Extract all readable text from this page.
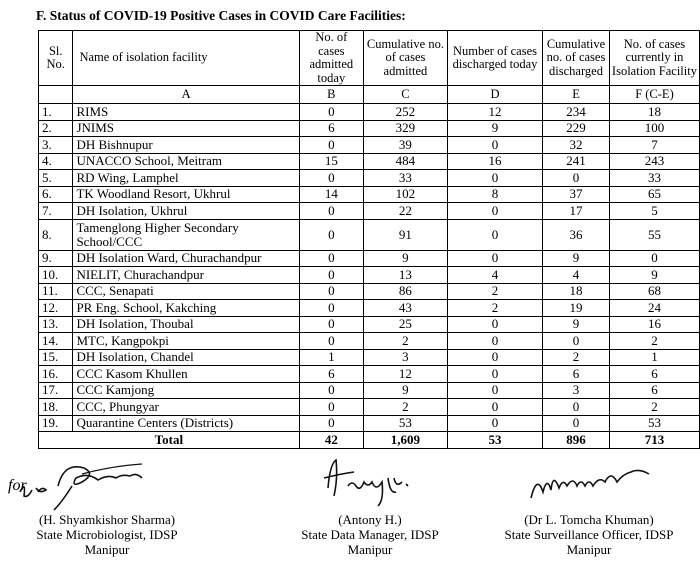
F. Status of COVID-19 Positive Cases in COVID Care Facilities:
Sl. No.	Name of isolation facility	No. of cases admitted today	Cumulative no. of cases admitted	Number of cases discharged today	Cumulative no. of cases discharged	No. of cases currently in Isolation Facility
	A	B	C	D	E	F (C-E)
1.	RIMS	0	252	12	234	18
2.	JNIMS	6	329	9	229	100
3.	DH Bishnupur	0	39	0	32	7
4.	UNACCO School, Meitram	15	484	16	241	243
5.	RD Wing, Lamphel	0	33	0	0	33
6.	TK Woodland Resort, Ukhrul	14	102	8	37	65
7.	DH Isolation, Ukhrul	0	22	0	17	5
8.	Tamenglong Higher Secondary School/CCC	0	91	0	36	55
9.	DH Isolation Ward, Churachandpur	0	9	0	9	0
10.	NIELIT, Churachandpur	0	13	4	4	9
11.	CCC, Senapati	0	86	2	18	68
12.	PR Eng. School, Kakching	0	43	2	19	24
13.	DH Isolation, Thoubal	0	25	0	9	16
14.	MTC, Kangpokpi	0	2	0	0	2
15.	DH Isolation, Chandel	1	3	0	2	1
16.	CCC Kasom Khullen	6	12	0	6	6
17.	CCC Kamjong	0	9	0	3	6
18.	CCC, Phungyar	0	2	0	0	2
19.	Quarantine Centers (Districts)	0	53	0	0	53
Total		42	1,609	53	896	713
(H. Shyamkishor Sharma)
State Microbiologist, IDSP
Manipur
for
(Antony H.)
State Data Manager, IDSP
Manipur
(Dr L. Tomcha Khuman)
State Surveillance Officer, IDSP
Manipur
